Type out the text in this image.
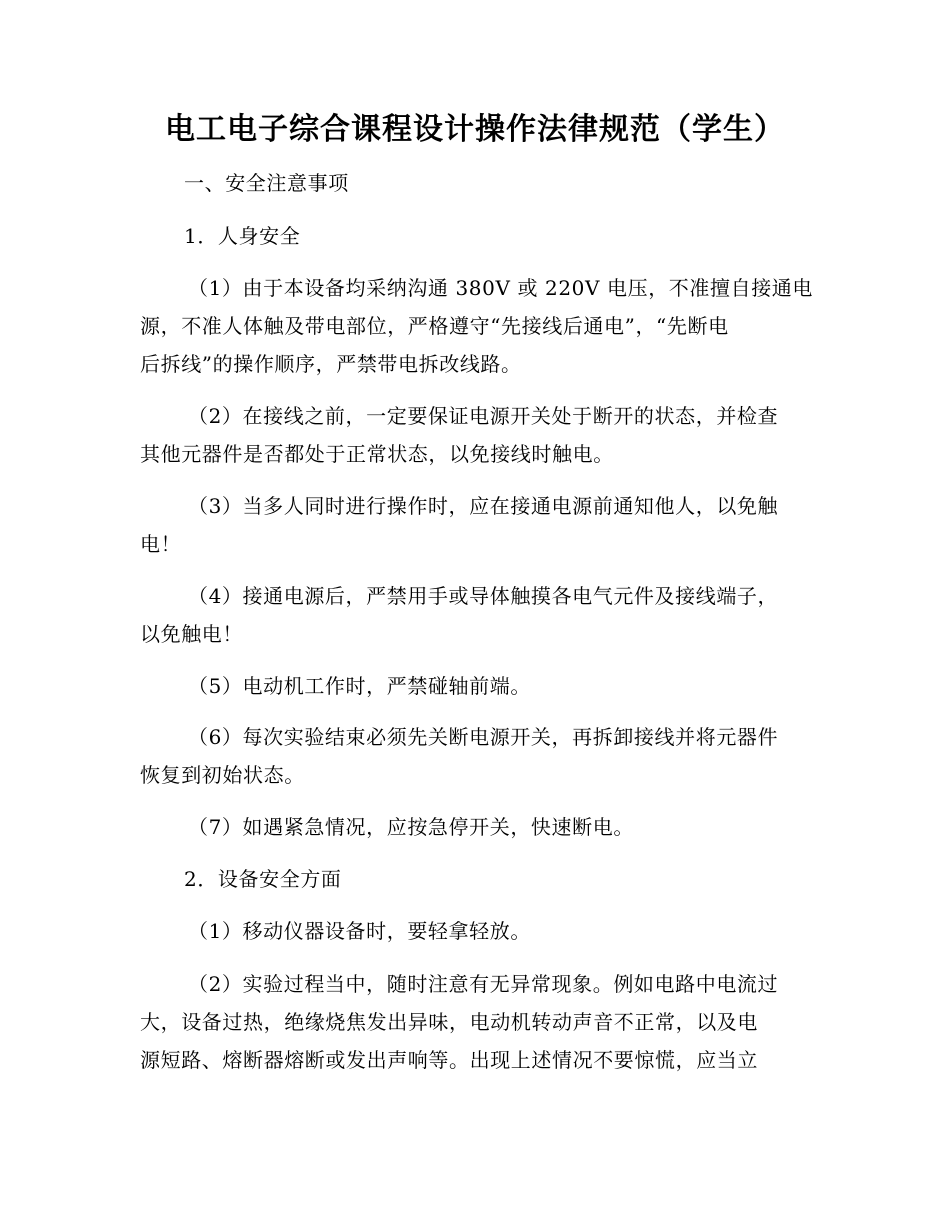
电工电子综合课程设计操作法律规范（学生）
一、安全注意事项
1．人身安全
（1）由于本设备均采纳沟通 380V 或 220V 电压，不准擅自接通电
源，不准人体触及带电部位，严格遵守“先接线后通电”，“先断电
后拆线”的操作顺序，严禁带电拆改线路。
（2）在接线之前，一定要保证电源开关处于断开的状态，并检查
其他元器件是否都处于正常状态，以免接线时触电。
（3）当多人同时进行操作时，应在接通电源前通知他人，以免触
电！
（4）接通电源后，严禁用手或导体触摸各电气元件及接线端子，
以免触电！
（5）电动机工作时，严禁碰轴前端。
（6）每次实验结束必须先关断电源开关，再拆卸接线并将元器件
恢复到初始状态。
（7）如遇紧急情况，应按急停开关，快速断电。
2．设备安全方面
（1）移动仪器设备时，要轻拿轻放。
（2）实验过程当中，随时注意有无异常现象。例如电路中电流过
大，设备过热，绝缘烧焦发出异味，电动机转动声音不正常，以及电
源短路、熔断器熔断或发出声响等。出现上述情况不要惊慌，应当立
